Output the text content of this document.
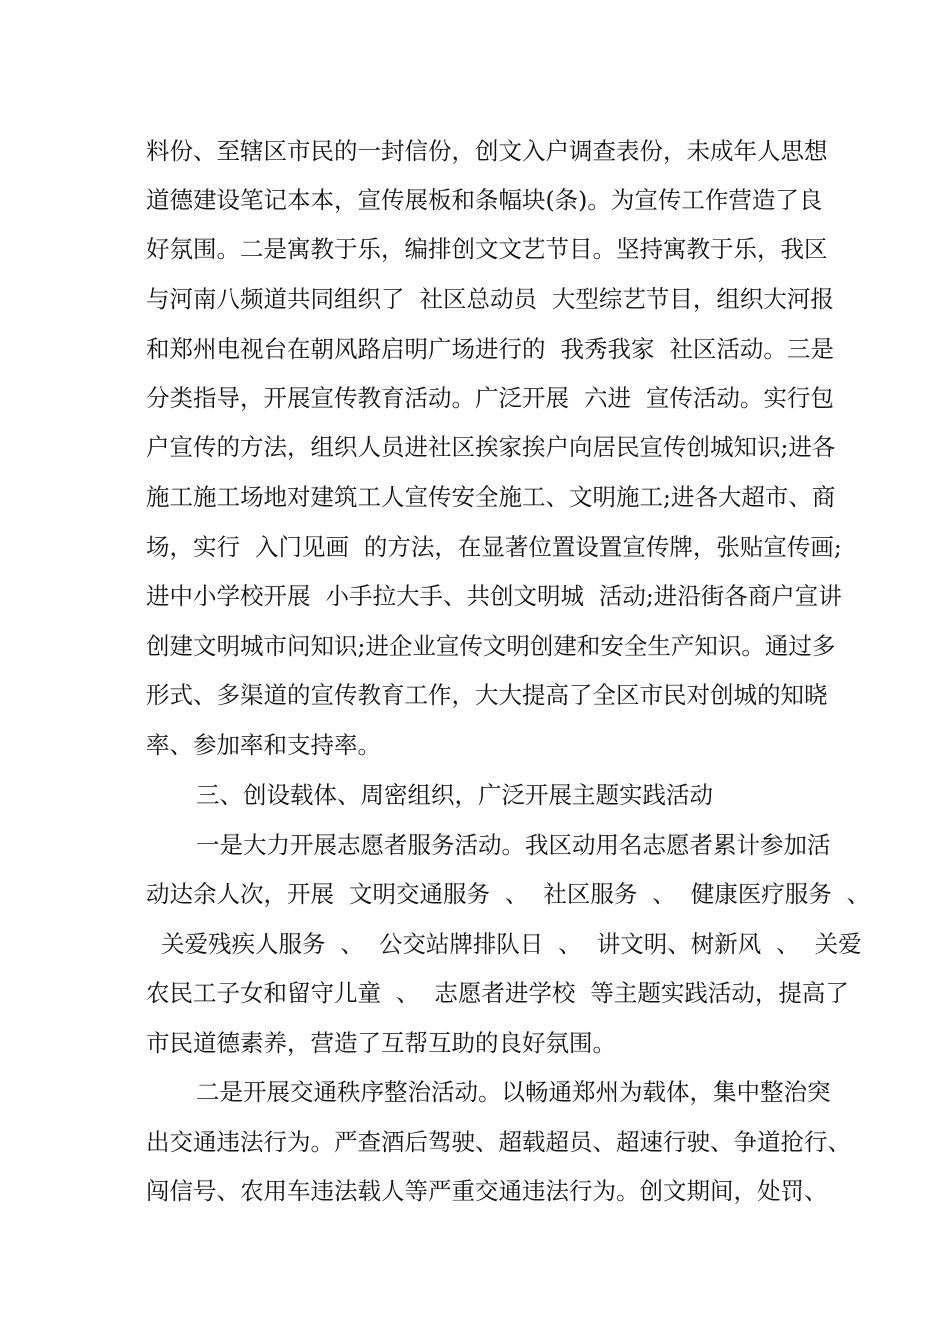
料份、至辖区市民的一封信份，创文入户调查表份，未成年人思想
道德建设笔记本本，宣传展板和条幅块(条)。为宣传工作营造了良
好氛围。二是寓教于乐，编排创文文艺节目。坚持寓教于乐，我区
与河南八频道共同组织了  社区总动员  大型综艺节目，组织大河报
和郑州电视台在朝风路启明广场进行的  我秀我家  社区活动。三是
分类指导，开展宣传教育活动。广泛开展  六进  宣传活动。实行包
户宣传的方法，组织人员进社区挨家挨户向居民宣传创城知识;进各
施工施工场地对建筑工人宣传安全施工、文明施工;进各大超市、商
场，实行  入门见画  的方法，在显著位置设置宣传牌，张贴宣传画;
进中小学校开展  小手拉大手、共创文明城  活动;进沿街各商户宣讲
创建文明城市问知识;进企业宣传文明创建和安全生产知识。通过多
形式、多渠道的宣传教育工作，大大提高了全区市民对创城的知晓
率、参加率和支持率。
三、创设载体、周密组织，广泛开展主题实践活动
一是大力开展志愿者服务活动。我区动用名志愿者累计参加活
动达余人次，开展  文明交通服务  、  社区服务  、  健康医疗服务  、
关爱残疾人服务  、  公交站牌排队日  、  讲文明、树新风  、  关爱
农民工子女和留守儿童  、  志愿者进学校  等主题实践活动，提高了
市民道德素养，营造了互帮互助的良好氛围。
二是开展交通秩序整治活动。以畅通郑州为载体，集中整治突
出交通违法行为。严查酒后驾驶、超载超员、超速行驶、争道抢行、
闯信号、农用车违法载人等严重交通违法行为。创文期间，处罚、
